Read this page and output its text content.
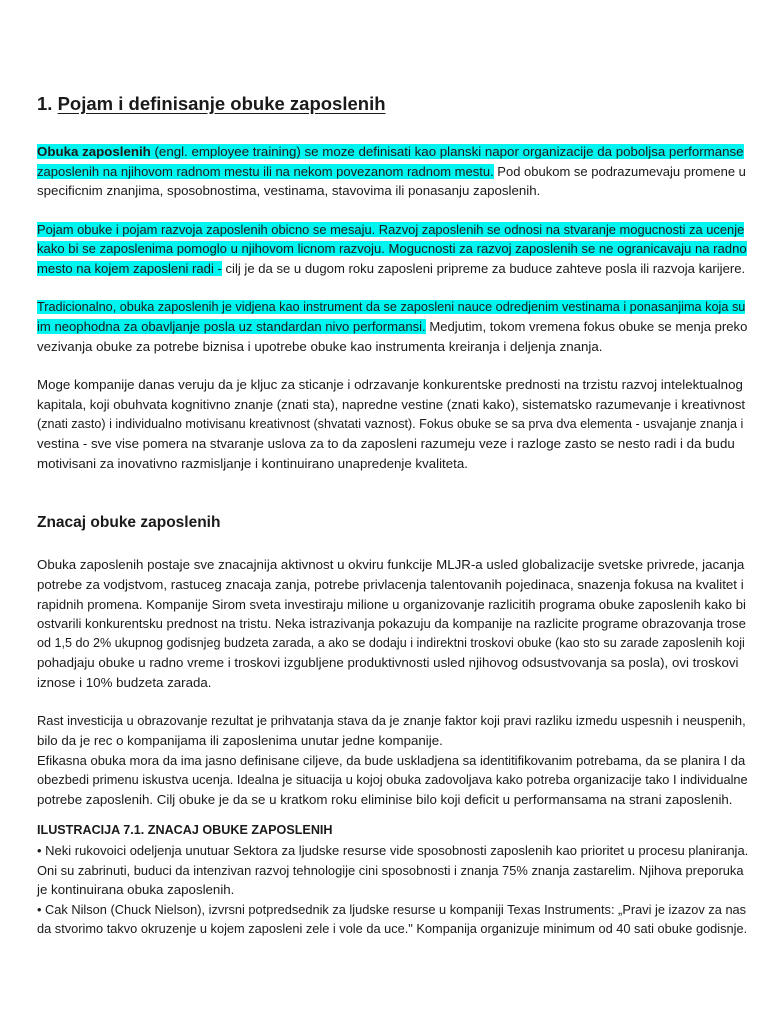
1. Pojam i definisanje obuke zaposlenih

Obuka zaposlenih (engl. employee training) se moze definisati kao planski napor organizacije da poboljsa performanse
zaposlenih na njihovom radnom mestu ili na nekom povezanom radnom mestu. Pod obukom se podrazumevaju promene u
specificnim znanjima, sposobnostima, vestinama, stavovima ili ponasanju zaposlenih.

Pojam obuke i pojam razvoja zaposlenih obicno se mesaju. Razvoj zaposlenih se odnosi na stvaranje mogucnosti za ucenje
kako bi se zaposlenima pomoglo u njihovom licnom razvoju. Mogucnosti za razvoj zaposlenih se ne ogranicavaju na radno
mesto na kojem zaposleni radi - cilj je da se u dugom roku zaposleni pripreme za buduce zahteve posla ili razvoja karijere.

Tradicionalno, obuka zaposlenih je vidjena kao instrument da se zaposleni nauce odredjenim vestinama i ponasanjima koja su
im neophodna za obavljanje posla uz standardan nivo performansi. Medjutim, tokom vremena fokus obuke se menja preko
vezivanja obuke za potrebe biznisa i upotrebe obuke kao instrumenta kreiranja i deljenja znanja.

Moge kompanije danas veruju da je kljuc za sticanje i odrzavanje konkurentske prednosti na trzistu razvoj intelektualnog
kapitala, koji obuhvata kognitivno znanje (znati sta), napredne vestine (znati kako), sistematsko razumevanje i kreativnost
(znati zasto) i individualno motivisanu kreativnost (shvatati vaznost). Fokus obuke se sa prva dva elementa - usvajanje znanja i
vestina - sve vise pomera na stvaranje uslova za to da zaposleni razumeju veze i razloge zasto se nesto radi i da budu
motivisani za inovativno razmisljanje i kontinuirano unapredenje kvaliteta.

Znacaj obuke zaposlenih

Obuka zaposlenih postaje sve znacajnija aktivnost u okviru funkcije MLJR-a usled globalizacije svetske privrede, jacanja
potrebe za vodjstvom, rastuceg znacaja zanja, potrebe privlacenja talentovanih pojedinaca, snazenja fokusa na kvalitet i
rapidnih promena. Kompanije Sirom sveta investiraju milione u organizovanje razlicitih programa obuke zaposlenih kako bi
ostvarili konkurentsku prednost na tristu. Neka istrazivanja pokazuju da kompanije na razlicite programe obrazovanja trose
od 1,5 do 2% ukupnog godisnjeg budzeta zarada, a ako se dodaju i indirektni troskovi obuke (kao sto su zarade zaposlenih koji
pohadjaju obuke u radno vreme i troskovi izgubljene produktivnosti usled njihovog odsustvovanja sa posla), ovi troskovi
iznose i 10% budzeta zarada.

Rast investicija u obrazovanje rezultat je prihvatanja stava da je znanje faktor koji pravi razliku izmedu uspesnih i neuspenih,
bilo da je rec o kompanijama ili zaposlenima unutar jedne kompanije.
Efikasna obuka mora da ima jasno definisane ciljeve, da bude uskladjena sa identitifikovanim potrebama, da se planira I da
obezbedi primenu iskustva ucenja. Idealna je situacija u kojoj obuka zadovoljava kako potreba organizacije tako I individualne
potrebe zaposlenih. Cilj obuke je da se u kratkom roku eliminise bilo koji deficit u performansama na strani zaposlenih.

ILUSTRACIJA 7.1. ZNACAJ OBUKE ZAPOSLENIH
• Neki rukovoici odeljenja unutuar Sektora za ljudske resurse vide sposobnosti zaposlenih kao prioritet u procesu planiranja.
Oni su zabrinuti, buduci da intenzivan razvoj tehnologije cini sposobnosti i znanja 75% znanja zastarelim. Njihova preporuka
je kontinuirana obuka zaposlenih.
• Cak Nilson (Chuck Nielson), izvrsni potpredsednik za ljudske resurse u kompaniji Texas Instruments: „Pravi je izazov za nas
da stvorimo takvo okruzenje u kojem zaposleni zele i vole da uce." Kompanija organizuje minimum od 40 sati obuke godisnje.
